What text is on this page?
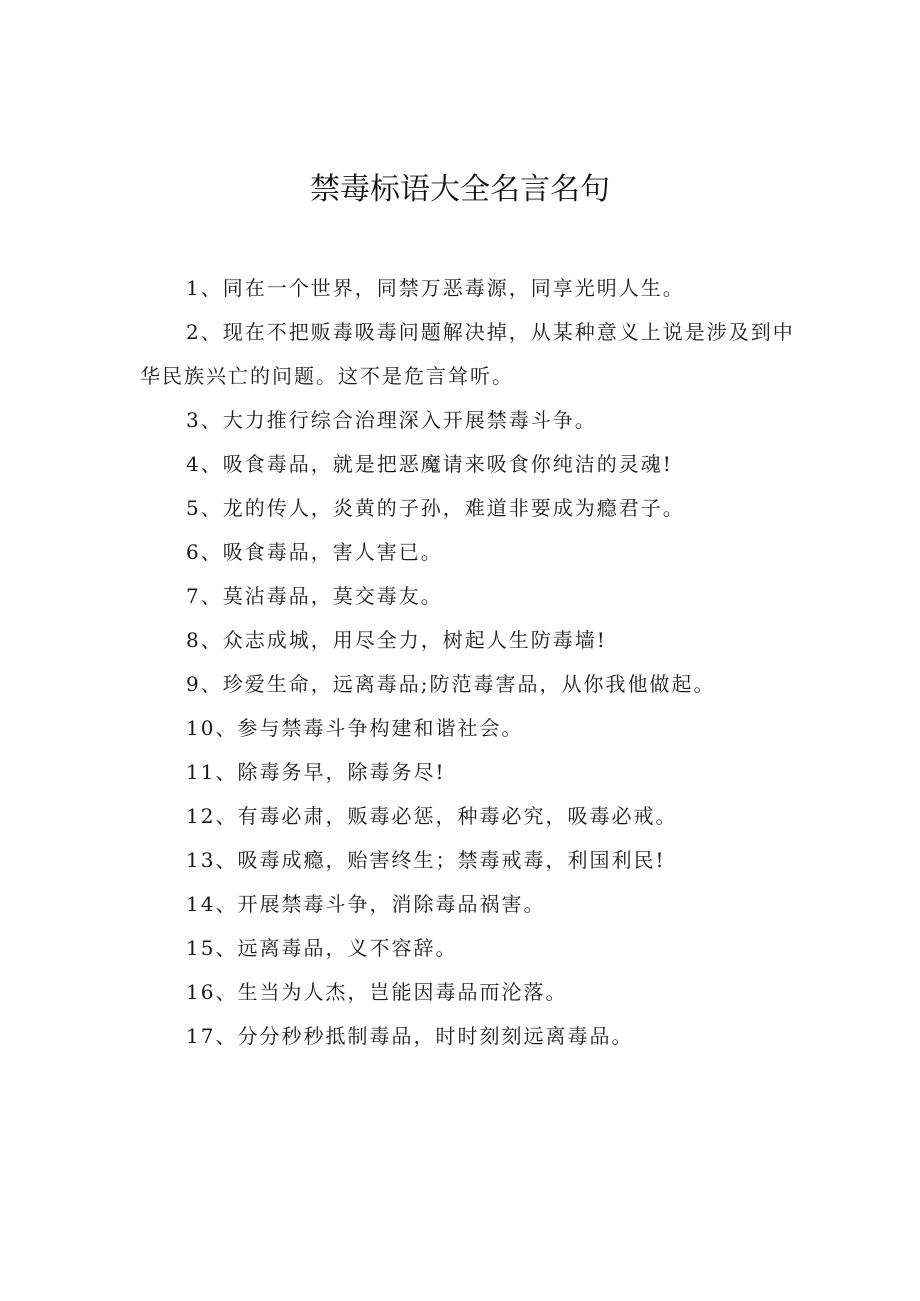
禁毒标语大全名言名句
1、同在一个世界，同禁万恶毒源，同享光明人生。
2、现在不把贩毒吸毒问题解决掉，从某种意义上说是涉及到中华民族兴亡的问题。这不是危言耸听。
3、大力推行综合治理深入开展禁毒斗争。
4、吸食毒品，就是把恶魔请来吸食你纯洁的灵魂!
5、龙的传人，炎黄的子孙，难道非要成为瘾君子。
6、吸食毒品，害人害已。
7、莫沾毒品，莫交毒友。
8、众志成城，用尽全力，树起人生防毒墙!
9、珍爱生命，远离毒品;防范毒害品，从你我他做起。
10、参与禁毒斗争构建和谐社会。
11、除毒务早，除毒务尽!
12、有毒必肃，贩毒必惩，种毒必究，吸毒必戒。
13、吸毒成瘾，贻害终生；禁毒戒毒，利国利民!
14、开展禁毒斗争，消除毒品祸害。
15、远离毒品，义不容辞。
16、生当为人杰，岂能因毒品而沦落。
17、分分秒秒抵制毒品，时时刻刻远离毒品。
